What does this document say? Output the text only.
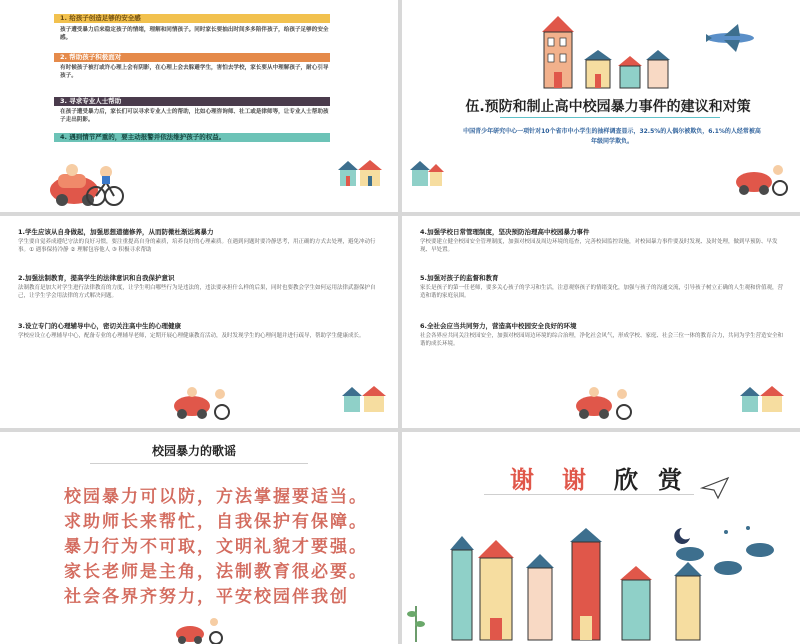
1. 给孩子创造足够的安全感
孩子遭受暴力后来稳定孩子的情绪，理解和同情孩子。同时家长要抽出时间多多陪伴孩子，给孩子足够的安全感。
2. 帮助孩子积极面对
有时候孩子被打或许心理上会有阴影，在心理上会去躲避学生，害怕去学校，家长要从中理解孩子，耐心引导孩子。
3. 寻求专业人士帮助
在孩子遭受暴力后，家长们可以寻求专业人士的帮助，比如心理咨询师、社工或是律师等，让专业人士帮助孩子走出阴影。
4. 遇到情节严重的，要主动报警并依法维护孩子的权益。
伍.预防和制止高中校园暴力事件的建议和对策
中国青少年研究中心一项针对10个省市中小学生的抽样调查显示，32.5%的人偶尔被欺负，6.1%的人经常被高年级同学欺负。
1.学生应该从自身做起，加强思想道德修养，从而防微杜渐远离暴力
学生要自觉养成遵纪守法的良好习惯，要注重提高自身的素质，培养良好的心理素质。在遇到问题时要冷静思考，用正确的方式去处理，避免冲动行事。① 遇事保持冷静 ② 理解包容他人 ③ 积极寻求帮助
2.加强法制教育，提高学生的法律意识和自我保护意识
法制教育是加大对学生进行法律教育的力度，让学生明白哪些行为是违法的，违法要承担什么样的后果，同时也要教会学生如何运用法律武器保护自己，让学生学会用法律的方式解决问题。
3.设立专门的心理辅导中心，密切关注高中生的心理健康
学校应设立心理辅导中心，配备专业的心理辅导老师，定期开展心理健康教育活动，及时发现学生的心理问题并进行疏导，帮助学生健康成长。
4.加强学校日常管理制度，坚决预防治理高中校园暴力事件
学校要建立健全校园安全管理制度，加强对校园及周边环境的巡查，完善校园监控设施，对校园暴力事件要及时发现、及时处理，做到早预防、早发现、早处置。
5.加强对孩子的监督和教育
家长是孩子的第一任老师，要多关心孩子的学习和生活，注意观察孩子的情绪变化，加强与孩子的沟通交流，引导孩子树立正确的人生观和价值观，营造和谐的家庭氛围。
6.全社会应当共同努力，营造高中校园安全良好的环境
社会各界应共同关注校园安全，加强对校园周边环境的综合治理，净化社会风气，形成学校、家庭、社会三位一体的教育合力，共同为学生营造安全和谐的成长环境。
校园暴力的歌谣
校园暴力可以防，方法掌握要适当。
求助师长来帮忙，自我保护有保障。
暴力行为不可取，文明礼貌才要强。
家长老师是主角，法制教育很必要。
社会各界齐努力，平安校园伴我创
谢 谢 欣 赏
